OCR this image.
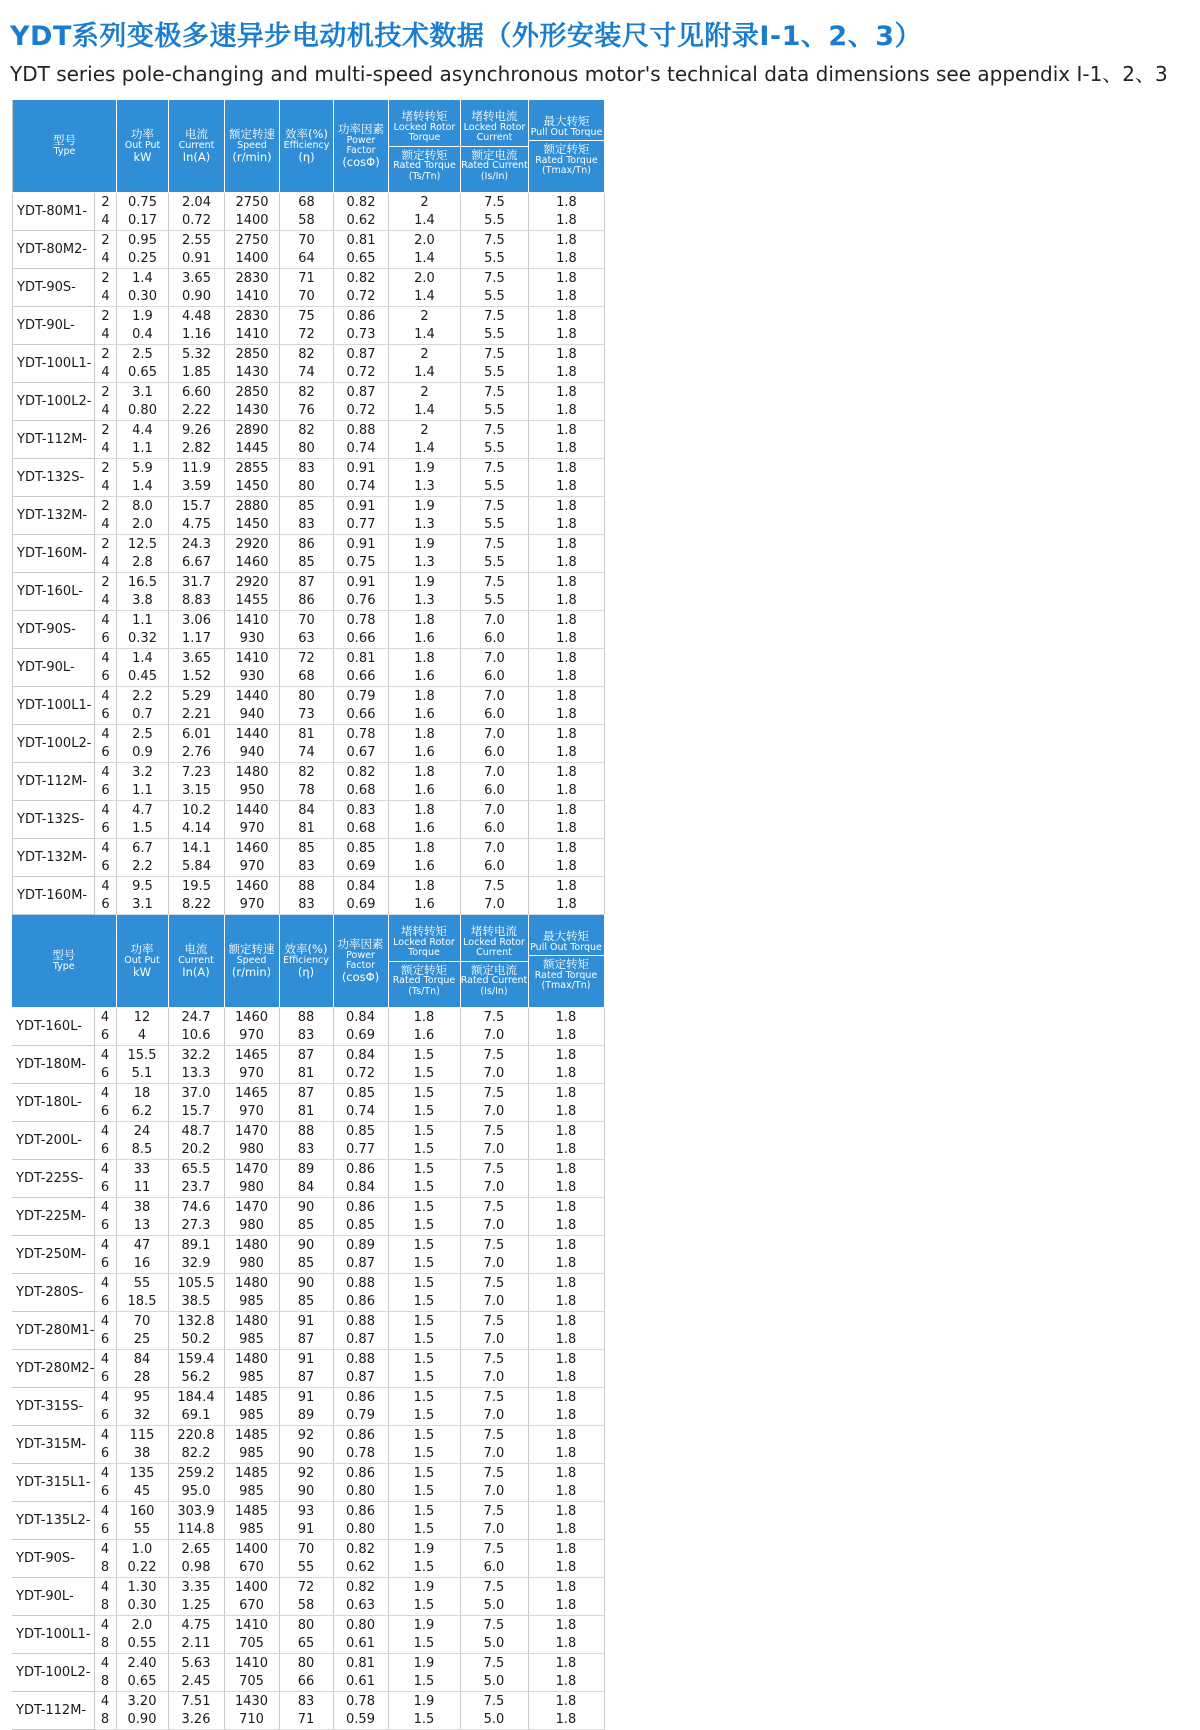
YDT系列变极多速异步电动机技术数据（外形安装尺寸见附录I-1、2、3）
YDT series pole-changing and multi-speed asynchronous motor's technical data dimensions see appendix I-1、2、3
型号
Type		功率
Out Put
kW	电流
Current
In(A)	额定转速
Speed
(r/min)	效率(%)
Efficiency
(η)	功率因素
Power Factor
(cosΦ)	堵转转矩
Locked Rotor Torque
额定转矩
Rated Torque
(Ts/Tn)	堵转电流
Locked Rotor Current
额定电流
Rated Current
(Is/In)	最大转矩
Pull Out Torque
额定转矩
Rated Torque
(Tmax/Tn)

YDT-80M1-	2	0.75	2.04	2750	68	0.82	2	7.5	1.8
	4	0.17	0.72	1400	58	0.62	1.4	5.5	1.8
YDT-80M2-	2	0.95	2.55	2750	70	0.81	2.0	7.5	1.8
	4	0.25	0.91	1400	64	0.65	1.4	5.5	1.8
YDT-90S-	2	1.4	3.65	2830	71	0.82	2.0	7.5	1.8
	4	0.30	0.90	1410	70	0.72	1.4	5.5	1.8
YDT-90L-	2	1.9	4.48	2830	75	0.86	2	7.5	1.8
	4	0.4	1.16	1410	72	0.73	1.4	5.5	1.8
YDT-100L1-	2	2.5	5.32	2850	82	0.87	2	7.5	1.8
	4	0.65	1.85	1430	74	0.72	1.4	5.5	1.8
YDT-100L2-	2	3.1	6.60	2850	82	0.87	2	7.5	1.8
	4	0.80	2.22	1430	76	0.72	1.4	5.5	1.8
YDT-112M-	2	4.4	9.26	2890	82	0.88	2	7.5	1.8
	4	1.1	2.82	1445	80	0.74	1.4	5.5	1.8
YDT-132S-	2	5.9	11.9	2855	83	0.91	1.9	7.5	1.8
	4	1.4	3.59	1450	80	0.74	1.3	5.5	1.8
YDT-132M-	2	8.0	15.7	2880	85	0.91	1.9	7.5	1.8
	4	2.0	4.75	1450	83	0.77	1.3	5.5	1.8
YDT-160M-	2	12.5	24.3	2920	86	0.91	1.9	7.5	1.8
	4	2.8	6.67	1460	85	0.75	1.3	5.5	1.8
YDT-160L-	2	16.5	31.7	2920	87	0.91	1.9	7.5	1.8
	4	3.8	8.83	1455	86	0.76	1.3	5.5	1.8
YDT-90S-	4	1.1	3.06	1410	70	0.78	1.8	7.0	1.8
	6	0.32	1.17	930	63	0.66	1.6	6.0	1.8
YDT-90L-	4	1.4	3.65	1410	72	0.81	1.8	7.0	1.8
	6	0.45	1.52	930	68	0.66	1.6	6.0	1.8
YDT-100L1-	4	2.2	5.29	1440	80	0.79	1.8	7.0	1.8
	6	0.7	2.21	940	73	0.66	1.6	6.0	1.8
YDT-100L2-	4	2.5	6.01	1440	81	0.78	1.8	7.0	1.8
	6	0.9	2.76	940	74	0.67	1.6	6.0	1.8
YDT-112M-	4	3.2	7.23	1480	82	0.82	1.8	7.0	1.8
	6	1.1	3.15	950	78	0.68	1.6	6.0	1.8
YDT-132S-	4	4.7	10.2	1440	84	0.83	1.8	7.0	1.8
	6	1.5	4.14	970	81	0.68	1.6	6.0	1.8
YDT-132M-	4	6.7	14.1	1460	85	0.85	1.8	7.0	1.8
	6	2.2	5.84	970	83	0.69	1.6	6.0	1.8
YDT-160M-	4	9.5	19.5	1460	88	0.84	1.8	7.5	1.8
	6	3.1	8.22	970	83	0.69	1.6	7.0	1.8
型号
Type		功率
Out Put
kW	电流
Current
In(A)	额定转速
Speed
(r/min)	效率(%)
Efficiency
(η)	功率因素
Power Factor
(cosΦ)	堵转转矩
Locked Rotor Torque
额定转矩
Rated Torque
(Ts/Tn)	堵转电流
Locked Rotor Current
额定电流
Rated Current
(Is/In)	最大转矩
Pull Out Torque
额定转矩
Rated Torque
(Tmax/Tn)

YDT-160L-	4	12	24.7	1460	88	0.84	1.8	7.5	1.8
	6	4	10.6	970	83	0.69	1.6	7.0	1.8
YDT-180M-	4	15.5	32.2	1465	87	0.84	1.5	7.5	1.8
	6	5.1	13.3	970	81	0.72	1.5	7.0	1.8
YDT-180L-	4	18	37.0	1465	87	0.85	1.5	7.5	1.8
	6	6.2	15.7	970	81	0.74	1.5	7.0	1.8
YDT-200L-	4	24	48.7	1470	88	0.85	1.5	7.5	1.8
	6	8.5	20.2	980	83	0.77	1.5	7.0	1.8
YDT-225S-	4	33	65.5	1470	89	0.86	1.5	7.5	1.8
	6	11	23.7	980	84	0.84	1.5	7.0	1.8
YDT-225M-	4	38	74.6	1470	90	0.86	1.5	7.5	1.8
	6	13	27.3	980	85	0.85	1.5	7.0	1.8
YDT-250M-	4	47	89.1	1480	90	0.89	1.5	7.5	1.8
	6	16	32.9	980	85	0.87	1.5	7.0	1.8
YDT-280S-	4	55	105.5	1480	90	0.88	1.5	7.5	1.8
	6	18.5	38.5	985	85	0.86	1.5	7.0	1.8
YDT-280M1-	4	70	132.8	1480	91	0.88	1.5	7.5	1.8
	6	25	50.2	985	87	0.87	1.5	7.0	1.8
YDT-280M2-	4	84	159.4	1480	91	0.88	1.5	7.5	1.8
	6	28	56.2	985	87	0.87	1.5	7.0	1.8
YDT-315S-	4	95	184.4	1485	91	0.86	1.5	7.5	1.8
	6	32	69.1	985	89	0.79	1.5	7.0	1.8
YDT-315M-	4	115	220.8	1485	92	0.86	1.5	7.5	1.8
	6	38	82.2	985	90	0.78	1.5	7.0	1.8
YDT-315L1-	4	135	259.2	1485	92	0.86	1.5	7.5	1.8
	6	45	95.0	985	90	0.80	1.5	7.0	1.8
YDT-135L2-	4	160	303.9	1485	93	0.86	1.5	7.5	1.8
	6	55	114.8	985	91	0.80	1.5	7.0	1.8
YDT-90S-	4	1.0	2.65	1400	70	0.82	1.9	7.5	1.8
	8	0.22	0.98	670	55	0.62	1.5	6.0	1.8
YDT-90L-	4	1.30	3.35	1400	72	0.82	1.9	7.5	1.8
	8	0.30	1.25	670	58	0.63	1.5	5.0	1.8
YDT-100L1-	4	2.0	4.75	1410	80	0.80	1.9	7.5	1.8
	8	0.55	2.11	705	65	0.61	1.5	5.0	1.8
YDT-100L2-	4	2.40	5.63	1410	80	0.81	1.9	7.5	1.8
	8	0.65	2.45	705	66	0.61	1.5	5.0	1.8
YDT-112M-	4	3.20	7.51	1430	83	0.78	1.9	7.5	1.8
	8	0.90	3.26	710	71	0.59	1.5	5.0	1.8
